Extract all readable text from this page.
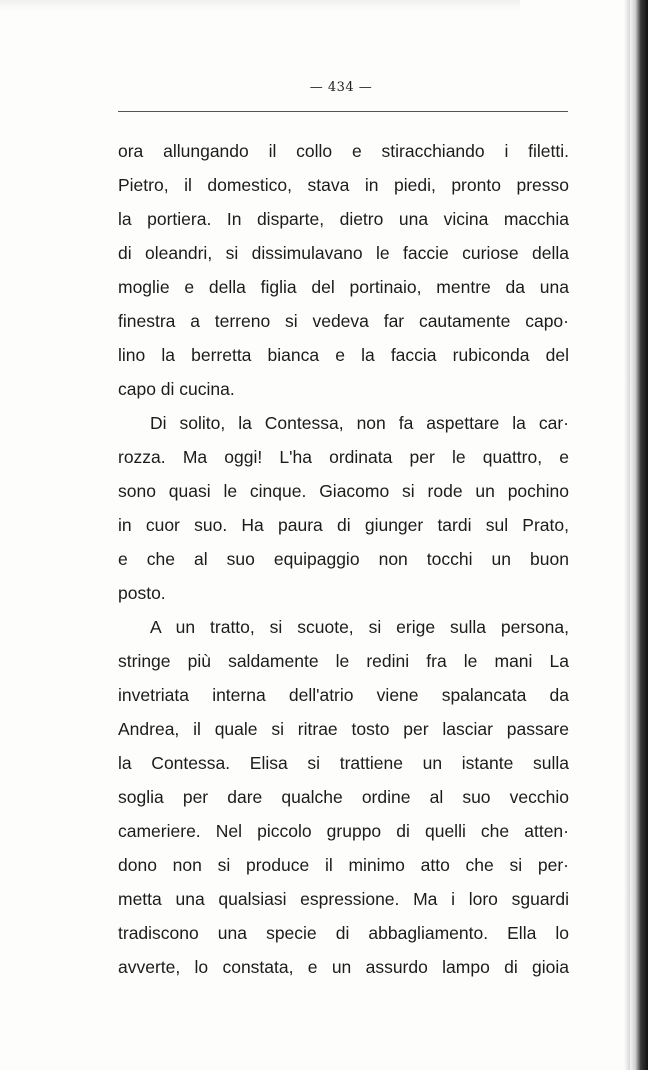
— 434 —
ora allungando il collo e stiracchiando i filetti.
Pietro, il domestico, stava in piedi, pronto presso
la portiera. In disparte, dietro una vicina macchia
di oleandri, si dissimulavano le faccie curiose della
moglie e della figlia del portinaio, mentre da una
finestra a terreno si vedeva far cautamente capo·
lino la berretta bianca e la faccia rubiconda del
capo di cucina.
Di solito, la Contessa, non fa aspettare la car·
rozza. Ma oggi! L'ha ordinata per le quattro, e
sono quasi le cinque. Giacomo si rode un pochino
in cuor suo. Ha paura di giunger tardi sul Prato,
e che al suo equipaggio non tocchi un buon
posto.
A un tratto, si scuote, si erige sulla persona,
stringe più saldamente le redini fra le mani La
invetriata interna dell'atrio viene spalancata da
Andrea, il quale si ritrae tosto per lasciar passare
la Contessa. Elisa si trattiene un istante sulla
soglia per dare qualche ordine al suo vecchio
cameriere. Nel piccolo gruppo di quelli che atten·
dono non si produce il minimo atto che si per·
metta una qualsiasi espressione. Ma i loro sguardi
tradiscono una specie di abbagliamento. Ella lo
avverte, lo constata, e un assurdo lampo di gioia
